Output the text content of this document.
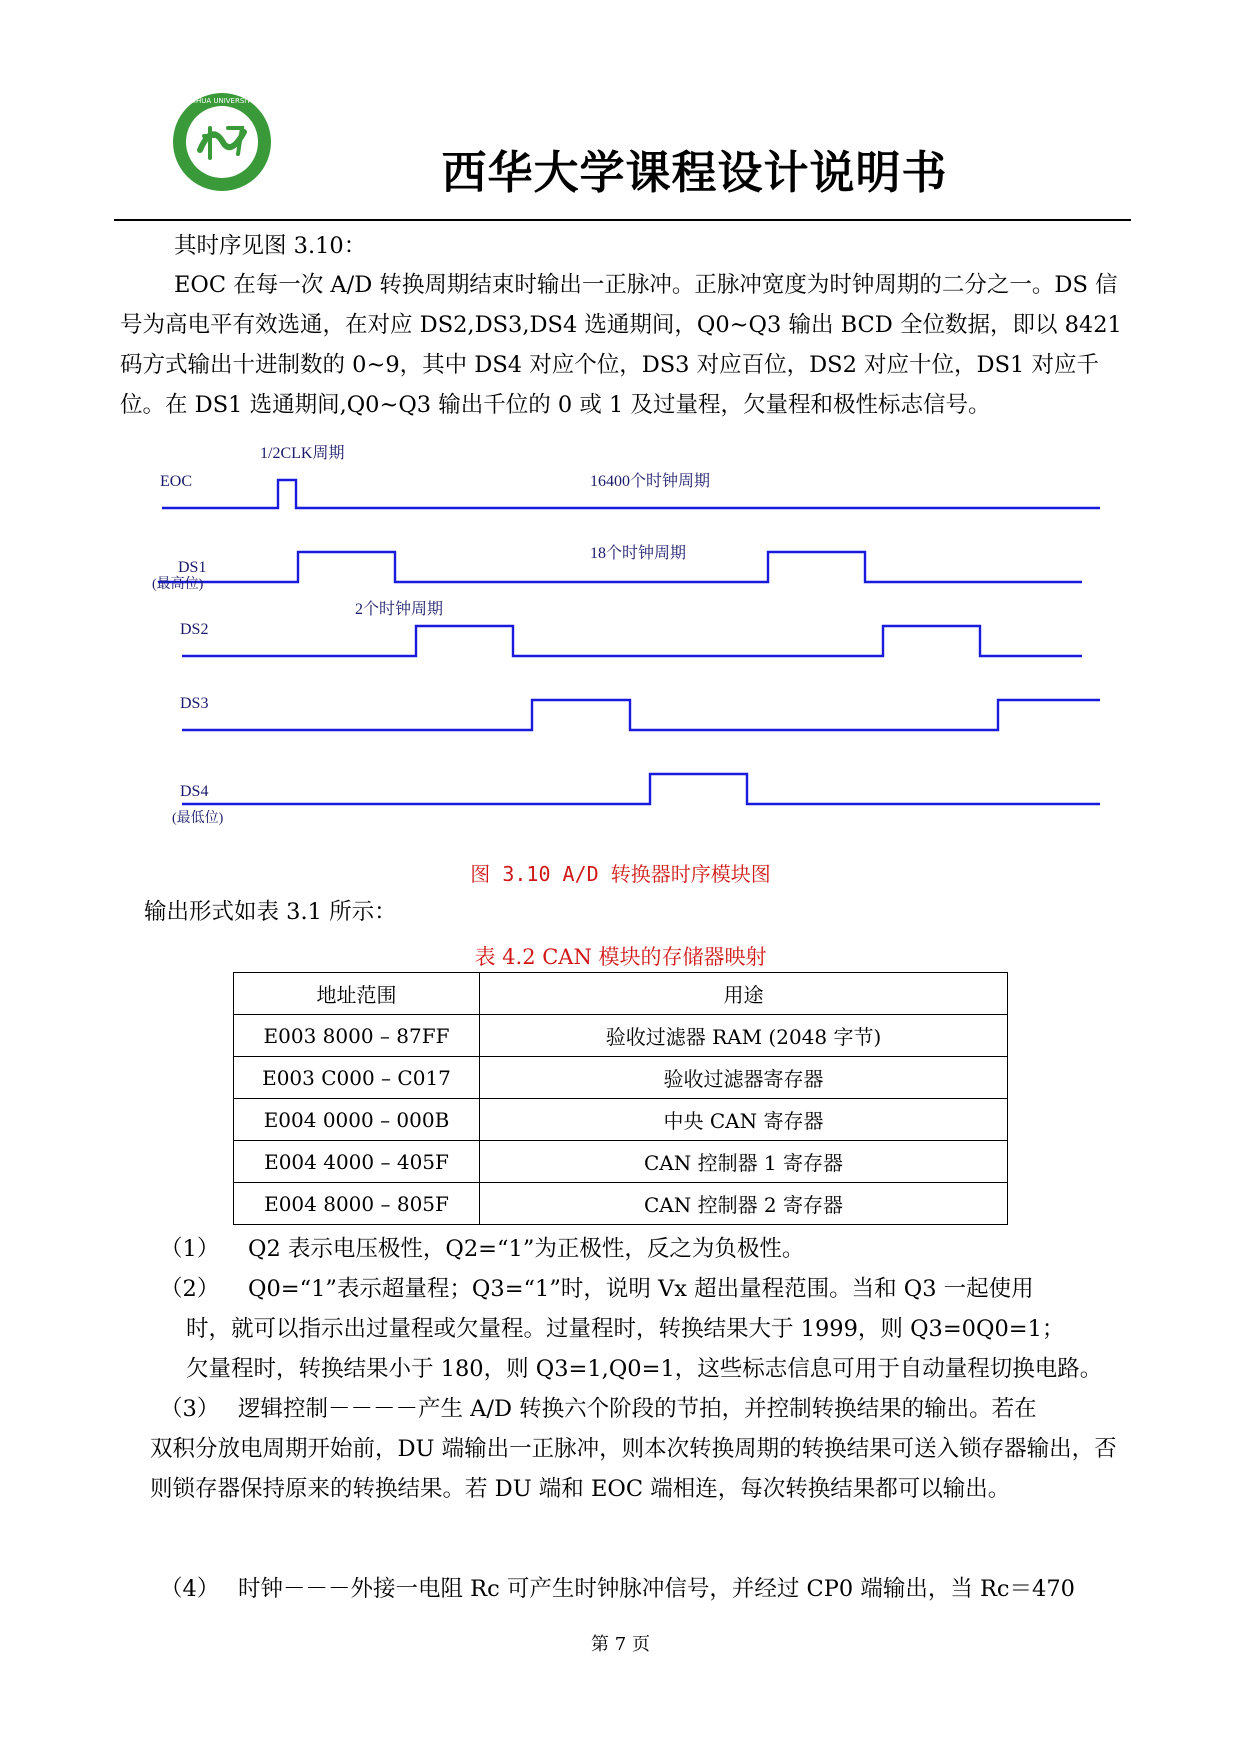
XIHUA UNIVERSITY
西华大学课程设计说明书
其时序见图 3.10：
EOC 在每一次 A/D 转换周期结束时输出一正脉冲。正脉冲宽度为时钟周期的二分之一。DS 信号为高电平有效选通，在对应 DS2,DS3,DS4 选通期间，Q0~Q3 输出 BCD 全位数据，即以 8421 码方式输出十进制数的 0~9，其中 DS4 对应个位，DS3 对应百位，DS2 对应十位，DS1 对应千位。在 DS1 选通期间,Q0~Q3 输出千位的 0 或 1 及过量程，欠量程和极性标志信号。
1/2CLK周期
EOC	16400个时钟周期
DS1
(最高位)
18个时钟周期
2个时钟周期
DS2
DS3
DS4
(最低位)
图 3.10 A/D 转换器时序模块图
输出形式如表 3.1 所示：
表 4.2 CAN 模块的存储器映射
地址范围	用途
E003 8000 – 87FF	验收过滤器 RAM (2048 字节)
E003 C000 – C017	验收过滤器寄存器
E004 0000 – 000B	中央 CAN 寄存器
E004 4000 – 405F	CAN 控制器 1 寄存器
E004 8000 – 805F	CAN 控制器 2 寄存器
（1） Q2 表示电压极性，Q2=“1”为正极性，反之为负极性。
（2） Q0=“1”表示超量程；Q3=“1”时，说明 Vx 超出量程范围。当和 Q3 一起使用
时，就可以指示出过量程或欠量程。过量程时，转换结果大于 1999，则 Q3=0Q0=1；
欠量程时，转换结果小于 180，则 Q3=1,Q0=1，这些标志信息可用于自动量程切换电路。
（3） 逻辑控制－－－－产生 A/D 转换六个阶段的节拍，并控制转换结果的输出。若在
双积分放电周期开始前，DU 端输出一正脉冲，则本次转换周期的转换结果可送入锁存器输出，否则锁存器保持原来的转换结果。若 DU 端和 EOC 端相连，每次转换结果都可以输出。
（4） 时钟－－－外接一电阻 Rc 可产生时钟脉冲信号，并经过 CP0 端输出，当 Rc＝470
第 7 页
